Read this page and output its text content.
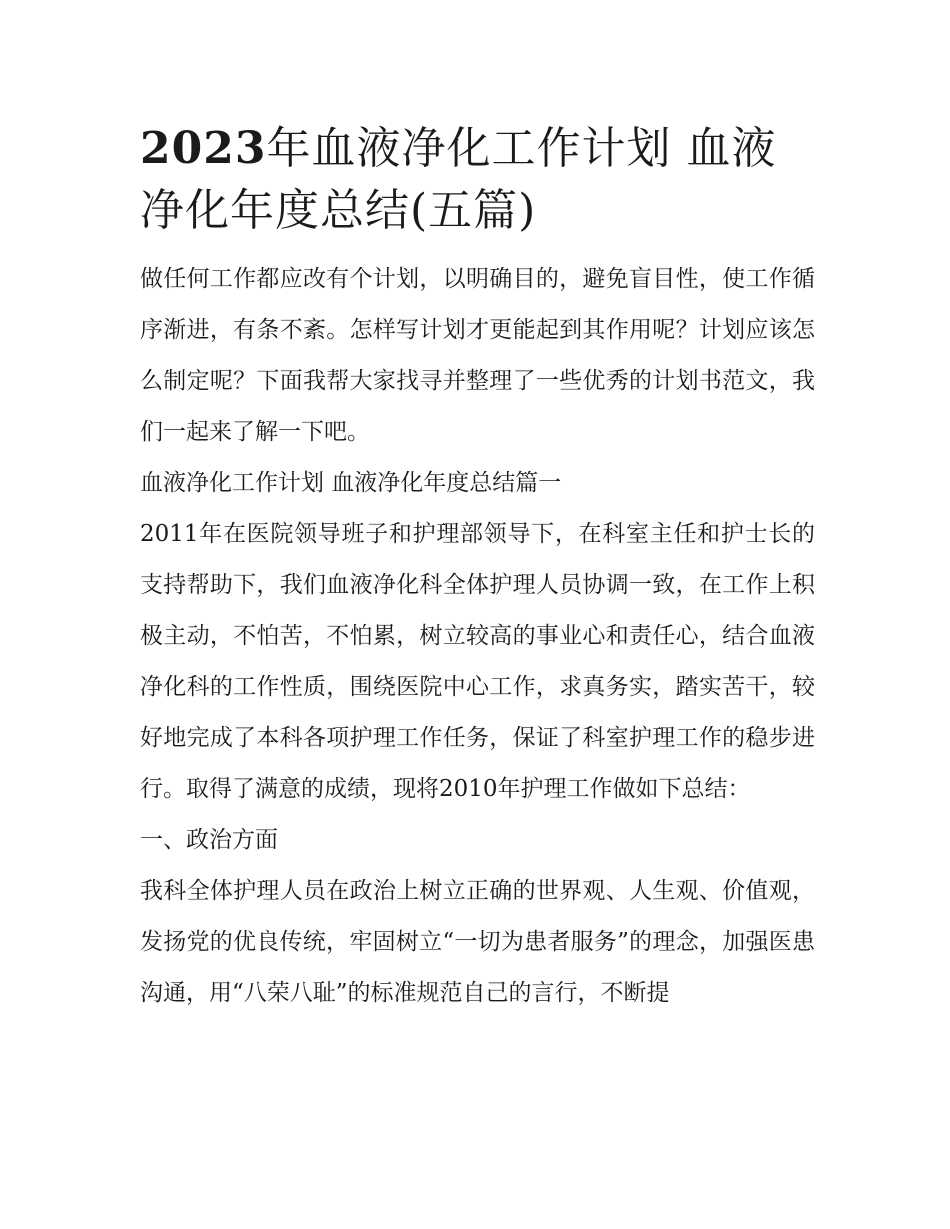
2023年血液净化工作计划 血液净化年度总结(五篇)

做任何工作都应改有个计划，以明确目的，避免盲目性，使工作循序渐进，有条不紊。怎样写计划才更能起到其作用呢？计划应该怎么制定呢？下面我帮大家找寻并整理了一些优秀的计划书范文，我们一起来了解一下吧。

血液净化工作计划 血液净化年度总结篇一

2011年在医院领导班子和护理部领导下，在科室主任和护士长的支持帮助下，我们血液净化科全体护理人员协调一致，在工作上积极主动，不怕苦，不怕累，树立较高的事业心和责任心，结合血液净化科的工作性质，围绕医院中心工作，求真务实，踏实苦干，较好地完成了本科各项护理工作任务，保证了科室护理工作的稳步进行。取得了满意的成绩，现将2010年护理工作做如下总结：

一、政治方面

我科全体护理人员在政治上树立正确的世界观、人生观、价值观，发扬党的优良传统，牢固树立“一切为患者服务”的理念，加强医患沟通，用“八荣八耻”的标准规范自己的言行，不断提
